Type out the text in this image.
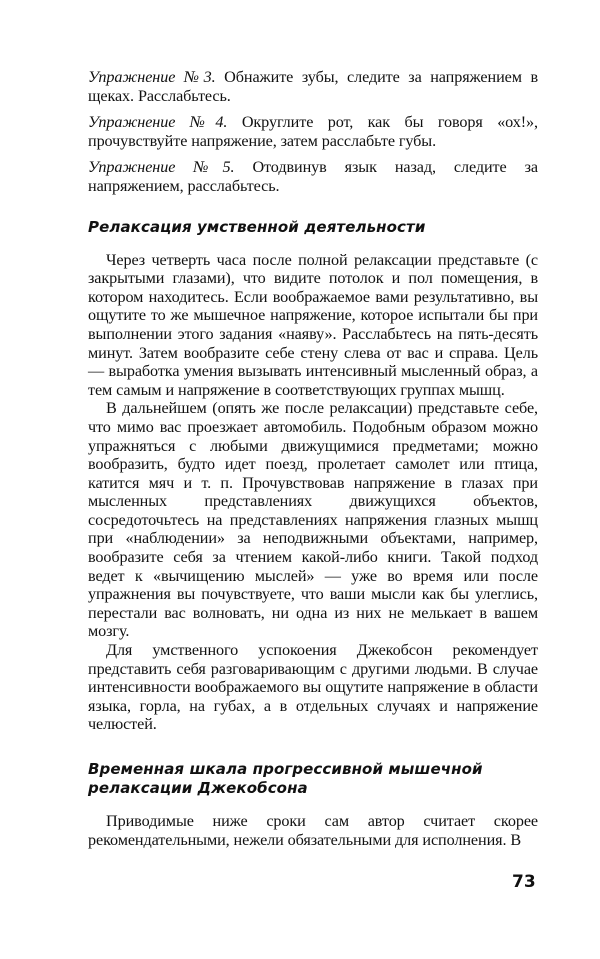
Упражнение №3. Обнажите зубы, следите за напряжением в щеках. Расслабьтесь.

Упражнение №4. Округлите рот, как бы говоря «ох!», прочувствуйте напряжение, затем расслабьте губы.

Упражнение №5. Отодвинув язык назад, следите за напряжением, расслабьтесь.

Релаксация умственной деятельности

Через четверть часа после полной релаксации представьте (с закрытыми глазами), что видите потолок и пол помещения, в котором находитесь. Если воображаемое вами результативно, вы ощутите то же мышечное напряжение, которое испытали бы при выполнении этого задания «наяву». Расслабьтесь на пять-десять минут. Затем вообразите себе стену слева от вас и справа. Цель — выработка умения вызывать интенсивный мысленный образ, а тем самым и напряжение в соответствующих группах мышц.

В дальнейшем (опять же после релаксации) представьте себе, что мимо вас проезжает автомобиль. Подобным образом можно упражняться с любыми движущимися предметами; можно вообразить, будто идет поезд, пролетает самолет или птица, катится мяч и т. п. Прочувствовав напряжение в глазах при мысленных представлениях движущихся объектов, сосредоточьтесь на представлениях напряжения глазных мышц при «наблюдении» за неподвижными объектами, например, вообразите себя за чтением какой-либо книги. Такой подход ведет к «вычищению мыслей» — уже во время или после упражнения вы почувствуете, что ваши мысли как бы улеглись, перестали вас волновать, ни одна из них не мелькает в вашем мозгу.

Для умственного успокоения Джекобсон рекомендует представить себя разговаривающим с другими людьми. В случае интенсивности воображаемого вы ощутите напряжение в области языка, горла, на губах, а в отдельных случаях и напряжение челюстей.

Временная шкала прогрессивной мышечной
релаксации Джекобсона

Приводимые ниже сроки сам автор считает скорее рекомендательными, нежели обязательными для исполнения. В

73
